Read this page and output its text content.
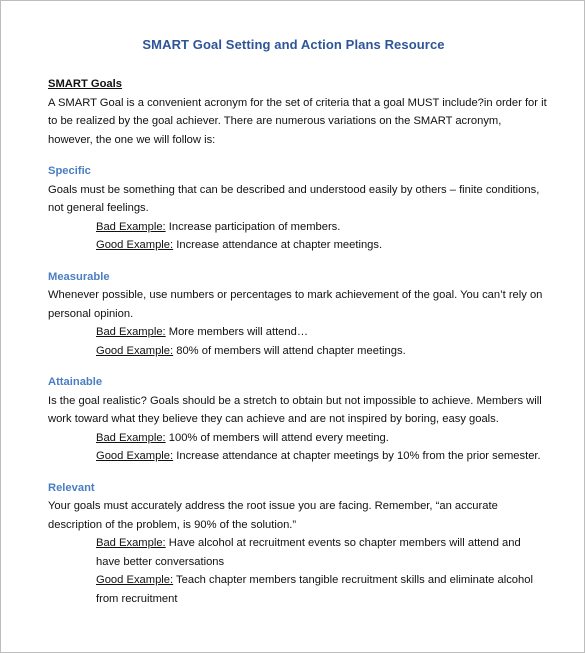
SMART Goal Setting and Action Plans Resource
SMART Goals

A SMART Goal is a convenient acronym for the set of criteria that a goal MUST include?in order for it to be realized by the goal achiever. There are numerous variations on the SMART acronym, however, the one we will follow is:

Specific

Goals must be something that can be described and understood easily by others – finite conditions, not general feelings.

Bad Example: Increase participation of members.

Good Example: Increase attendance at chapter meetings.

Measurable

Whenever possible, use numbers or percentages to mark achievement of the goal. You can’t rely on personal opinion.

Bad Example: More members will attend…

Good Example: 80% of members will attend chapter meetings.

Attainable

Is the goal realistic? Goals should be a stretch to obtain but not impossible to achieve. Members will work toward what they believe they can achieve and are not inspired by boring, easy goals.

Bad Example: 100% of members will attend every meeting.

Good Example: Increase attendance at chapter meetings by 10% from the prior semester.

Relevant

Your goals must accurately address the root issue you are facing. Remember, “an accurate description of the problem, is 90% of the solution.”

Bad Example: Have alcohol at recruitment events so chapter members will attend and have better conversations

Good Example: Teach chapter members tangible recruitment skills and eliminate alcohol from recruitment
